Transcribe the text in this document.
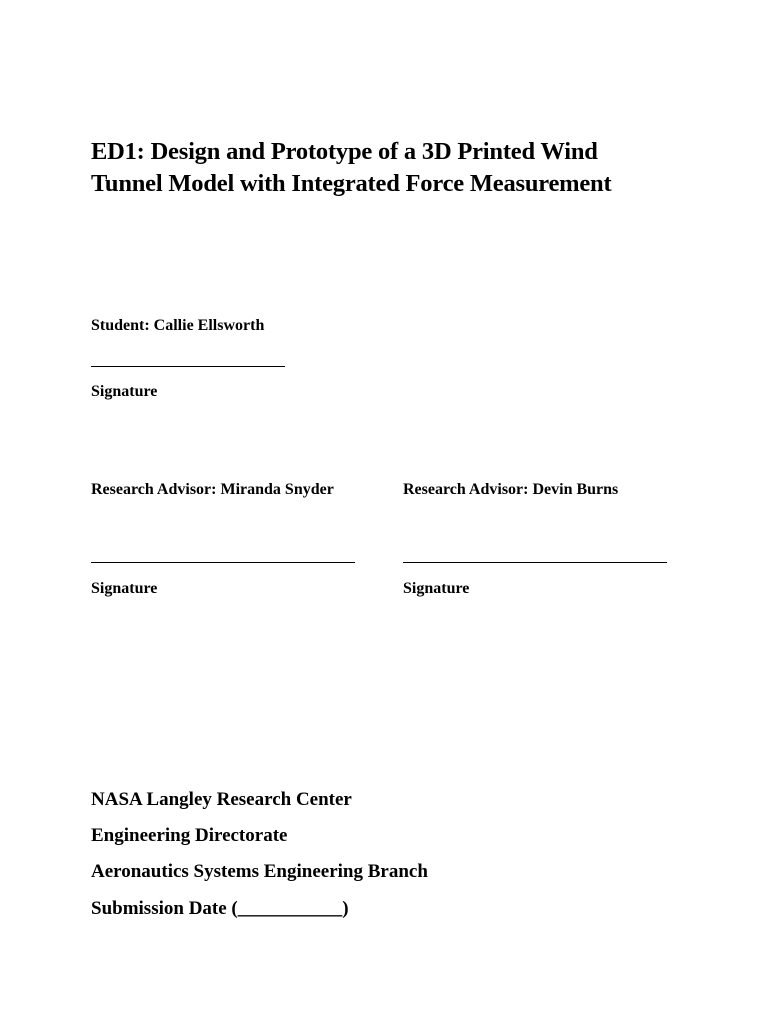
ED1: Design and Prototype of a 3D Printed Wind
Tunnel Model with Integrated Force Measurement
Student: Callie Ellsworth
Signature
Research Advisor: Miranda Snyder
Signature
Research Advisor: Devin Burns
Signature
NASA Langley Research Center
Engineering Directorate
Aeronautics Systems Engineering Branch
Submission Date (___________)
